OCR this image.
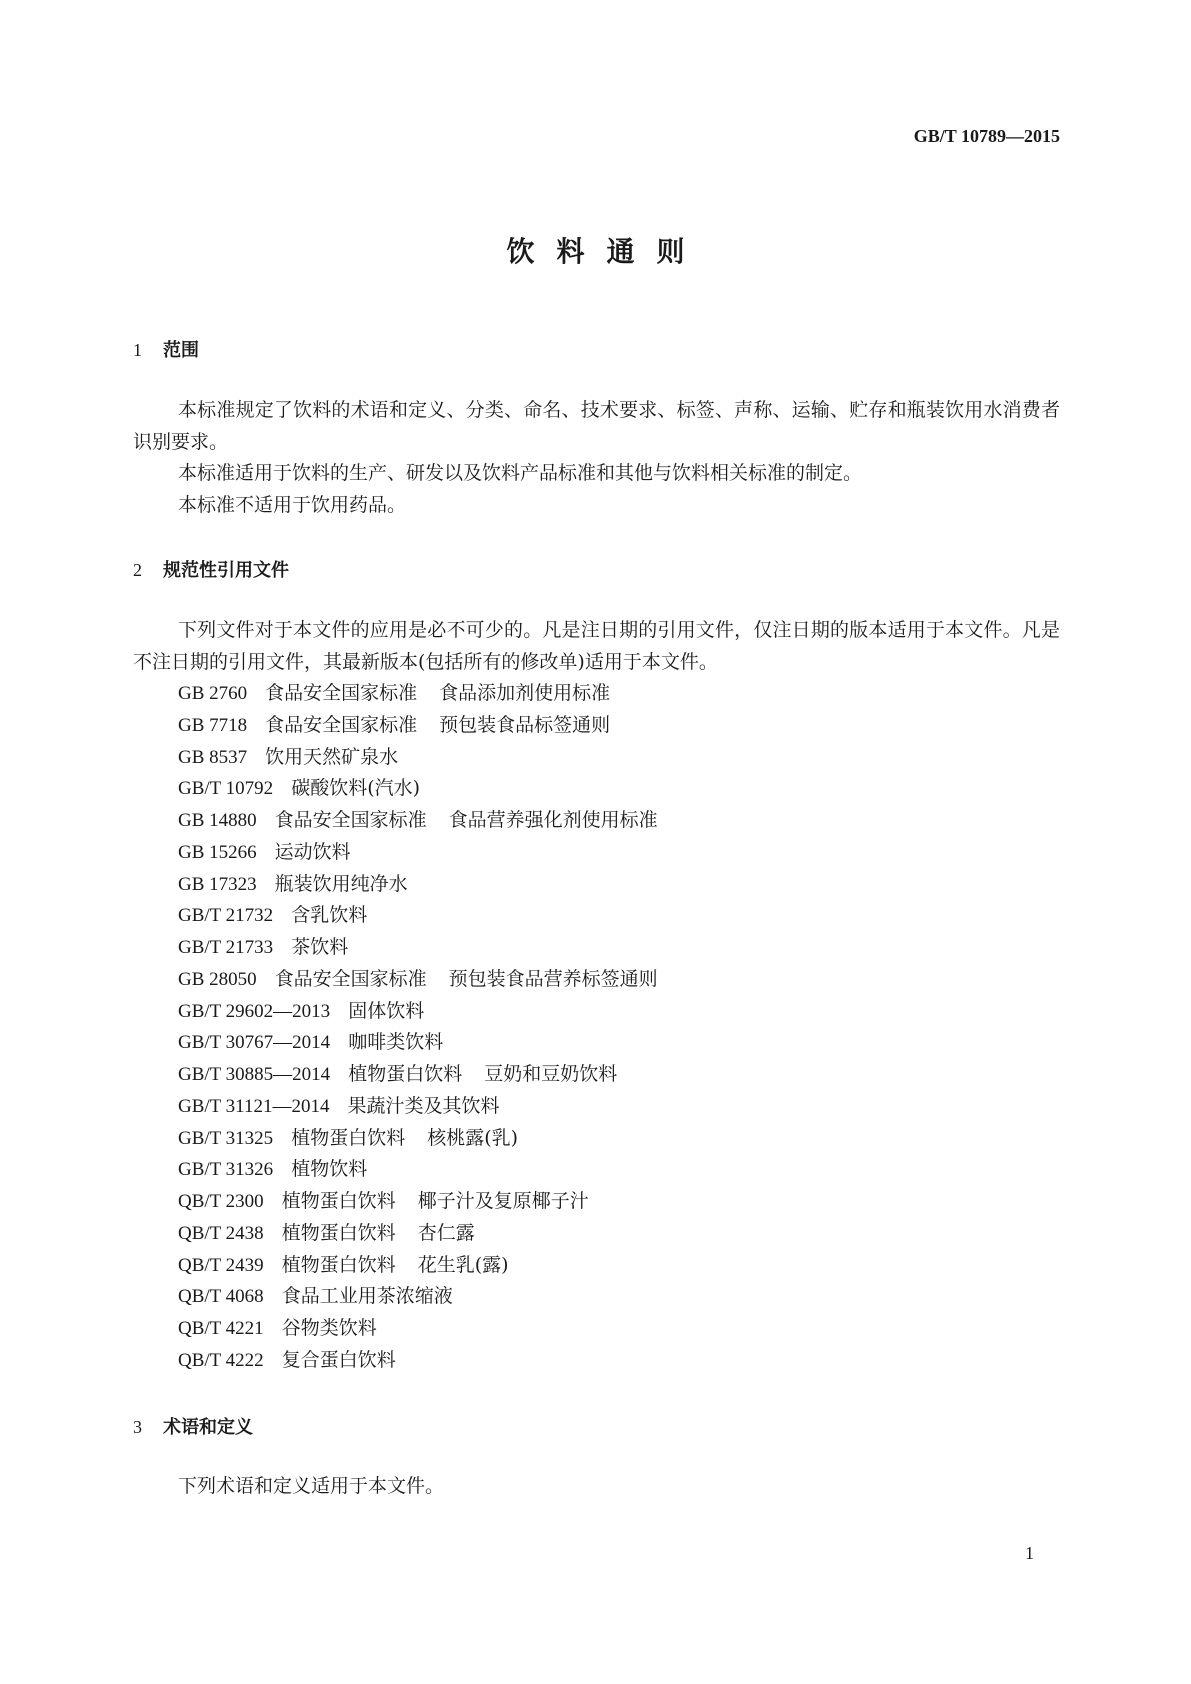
GB/T 10789—2015
饮料通则
1 范围
本标准规定了饮料的术语和定义、分类、命名、技术要求、标签、声称、运输、贮存和瓶装饮用水消费者识别要求。
本标准适用于饮料的生产、研发以及饮料产品标准和其他与饮料相关标准的制定。
本标准不适用于饮用药品。
2 规范性引用文件
下列文件对于本文件的应用是必不可少的。凡是注日期的引用文件，仅注日期的版本适用于本文件。凡是不注日期的引用文件，其最新版本(包括所有的修改单)适用于本文件。
GB 2760 食品安全国家标准 食品添加剂使用标准
GB 7718 食品安全国家标准 预包装食品标签通则
GB 8537 饮用天然矿泉水
GB/T 10792 碳酸饮料(汽水)
GB 14880 食品安全国家标准 食品营养强化剂使用标准
GB 15266 运动饮料
GB 17323 瓶装饮用纯净水
GB/T 21732 含乳饮料
GB/T 21733 茶饮料
GB 28050 食品安全国家标准 预包装食品营养标签通则
GB/T 29602—2013 固体饮料
GB/T 30767—2014 咖啡类饮料
GB/T 30885—2014 植物蛋白饮料 豆奶和豆奶饮料
GB/T 31121—2014 果蔬汁类及其饮料
GB/T 31325 植物蛋白饮料 核桃露(乳)
GB/T 31326 植物饮料
QB/T 2300 植物蛋白饮料 椰子汁及复原椰子汁
QB/T 2438 植物蛋白饮料 杏仁露
QB/T 2439 植物蛋白饮料 花生乳(露)
QB/T 4068 食品工业用茶浓缩液
QB/T 4221 谷物类饮料
QB/T 4222 复合蛋白饮料
3 术语和定义
下列术语和定义适用于本文件。
1
